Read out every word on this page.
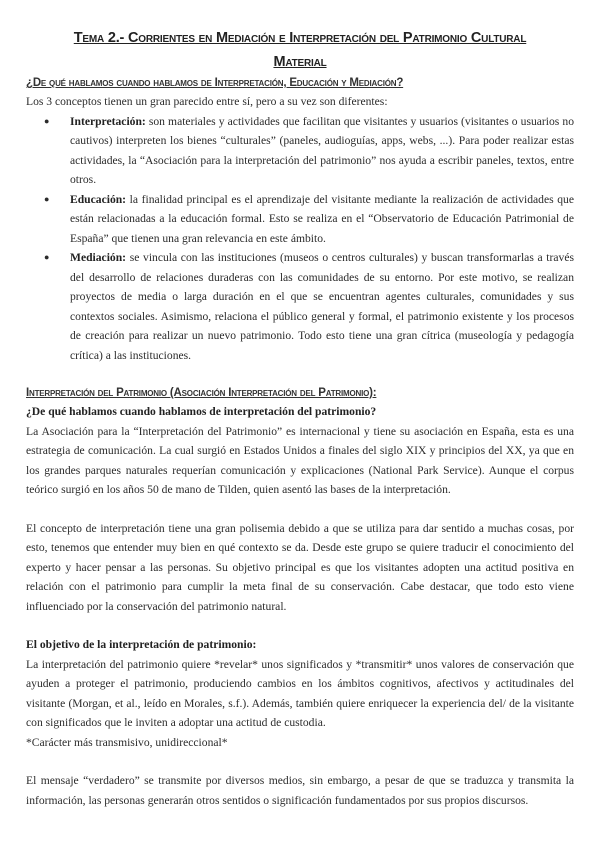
Tema 2.- Corrientes en Mediación e Interpretación del Patrimonio Cultural
Material
¿De qué hablamos cuando hablamos de Interpretación, Educación y Mediación?

Los 3 conceptos tienen un gran parecido entre sí, pero a su vez son diferentes:

● Interpretación: son materiales y actividades que facilitan que visitantes y usuarios (visitantes o usuarios no cautivos) interpreten los bienes “culturales” (paneles, audioguías, apps, webs, ...). Para poder realizar estas actividades, la “Asociación para la interpretación del patrimonio” nos ayuda a escribir paneles, textos, entre otros.
● Educación: la finalidad principal es el aprendizaje del visitante mediante la realización de actividades que están relacionadas a la educación formal. Esto se realiza en el “Observatorio de Educación Patrimonial de España” que tienen una gran relevancia en este ámbito.
● Mediación: se vincula con las instituciones (museos o centros culturales) y buscan transformarlas a través del desarrollo de relaciones duraderas con las comunidades de su entorno. Por este motivo, se realizan proyectos de media o larga duración en el que se encuentran agentes culturales, comunidades y sus contextos sociales. Asimismo, relaciona el público general y formal, el patrimonio existente y los procesos de creación para realizar un nuevo patrimonio. Todo esto tiene una gran cítrica (museología y pedagogía crítica) a las instituciones.
Interpretación del Patrimonio (Asociación Interpretación del Patrimonio):

¿De qué hablamos cuando hablamos de interpretación del patrimonio?

La Asociación para la “Interpretación del Patrimonio” es internacional y tiene su asociación en España, esta es una estrategia de comunicación. La cual surgió en Estados Unidos a finales del siglo XIX y principios del XX, ya que en los grandes parques naturales requerían comunicación y explicaciones (National Park Service). Aunque el corpus teórico surgió en los años 50 de mano de Tilden, quien asentó las bases de la interpretación.

El concepto de interpretación tiene una gran polisemia debido a que se utiliza para dar sentido a muchas cosas, por esto, tenemos que entender muy bien en qué contexto se da. Desde este grupo se quiere traducir el conocimiento del experto y hacer pensar a las personas. Su objetivo principal es que los visitantes adopten una actitud positiva en relación con el patrimonio para cumplir la meta final de su conservación. Cabe destacar, que todo esto viene influenciado por la conservación del patrimonio natural.

El objetivo de la interpretación de patrimonio:

La interpretación del patrimonio quiere *revelar* unos significados y *transmitir* unos valores de conservación que ayuden a proteger el patrimonio, produciendo cambios en los ámbitos cognitivos, afectivos y actitudinales del visitante (Morgan, et al., leído en Morales, s.f.). Además, también quiere enriquecer la experiencia del/ de la visitante con significados que le inviten a adoptar una actitud de custodia.

*Carácter más transmisivo, unidireccional*

El mensaje “verdadero” se transmite por diversos medios, sin embargo, a pesar de que se traduzca y transmita la información, las personas generarán otros sentidos o significación fundamentados por sus propios discursos.
